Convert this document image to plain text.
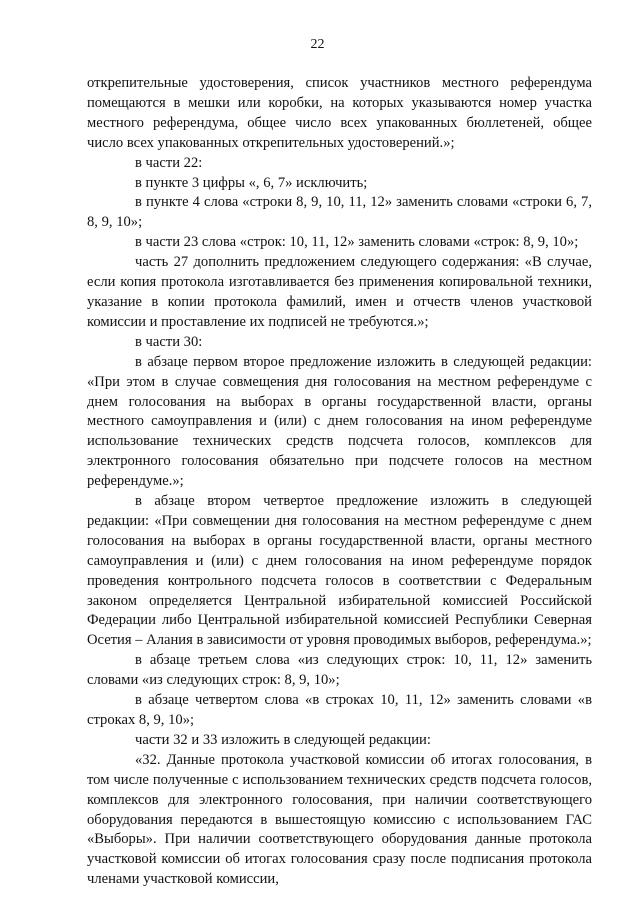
22

открепительные удостоверения, список участников местного референдума помещаются в мешки или коробки, на которых указываются номер участка местного референдума, общее число всех упакованных бюллетеней, общее число всех упакованных открепительных удостоверений.»;

в части 22:

в пункте 3 цифры «, 6, 7» исключить;

в пункте 4 слова «строки 8, 9, 10, 11, 12» заменить словами «строки 6, 7, 8, 9, 10»;

в части 23 слова «строк: 10, 11, 12» заменить словами «строк: 8, 9, 10»;

часть 27 дополнить предложением следующего содержания: «В случае, если копия протокола изготавливается без применения копировальной техники, указание в копии протокола фамилий, имен и отчеств членов участковой комиссии и проставление их подписей не требуются.»;

в части 30:

в абзаце первом второе предложение изложить в следующей редакции: «При этом в случае совмещения дня голосования на местном референдуме с днем голосования на выборах в органы государственной власти, органы местного самоуправления и (или) с днем голосования на ином референдуме использование технических средств подсчета голосов, комплексов для электронного голосования обязательно при подсчете голосов на местном референдуме.»;

в абзаце втором четвертое предложение изложить в следующей редакции: «При совмещении дня голосования на местном референдуме с днем голосования на выборах в органы государственной власти, органы местного самоуправления и (или) с днем голосования на ином референдуме порядок проведения контрольного подсчета голосов в соответствии с Федеральным законом определяется Центральной избирательной комиссией Российской Федерации либо Центральной избирательной комиссией Республики Северная Осетия – Алания в зависимости от уровня проводимых выборов, референдума.»;

в абзаце третьем слова «из следующих строк: 10, 11, 12» заменить словами «из следующих строк: 8, 9, 10»;

в абзаце четвертом слова «в строках 10, 11, 12» заменить словами «в строках 8, 9, 10»;

части 32 и 33 изложить в следующей редакции:

«32. Данные протокола участковой комиссии об итогах голосования, в том числе полученные с использованием технических средств подсчета голосов, комплексов для электронного голосования, при наличии соответствующего оборудования передаются в вышестоящую комиссию с использованием ГАС «Выборы». При наличии соответствующего оборудования данные протокола участковой комиссии об итогах голосования сразу после подписания протокола членами участковой комиссии,
